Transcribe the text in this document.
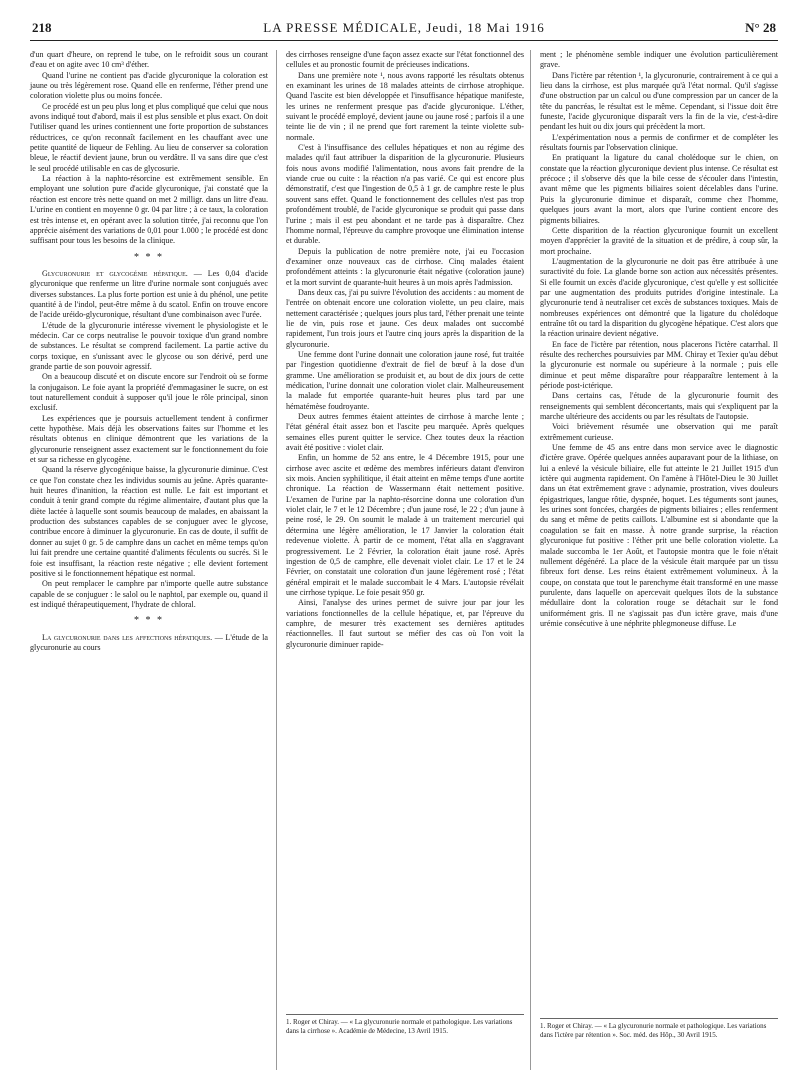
218	LA PRESSE MÉDICALE, Jeudi, 18 Mai 1916	N° 28

d'un quart d'heure, on reprend le tube, on le refroidit sous un courant d'eau et on agite avec 10 cm³ d'éther.

Quand l'urine ne contient pas d'acide glycuronique la coloration est jaune ou très légèrement rose. Quand elle en renferme, l'éther prend une coloration violette plus ou moins foncée.

Ce procédé est un peu plus long et plus compliqué que celui que nous avons indiqué tout d'abord, mais il est plus sensible et plus exact. On doit l'utiliser quand les urines contiennent une forte proportion de substances réductrices, ce qu'on reconnaît facilement en les chauffant avec une petite quantité de liqueur de Fehling. Au lieu de conserver sa coloration bleue, le réactif devient jaune, brun ou verdâtre. Il va sans dire que c'est le seul procédé utilisable en cas de glycosurie.

La réaction à la naphto-résorcine est extrêmement sensible. En employant une solution pure d'acide glycuronique, j'ai constaté que la réaction est encore très nette quand on met 2 milligr. dans un litre d'eau. L'urine en contient en moyenne 0 gr. 04 par litre ; à ce taux, la coloration est très intense et, en opérant avec la solution titrée, j'ai reconnu que l'on apprécie aisément des variations de 0,01 pour 1.000 ; le procédé est donc suffisant pour tous les besoins de la clinique.

* * *

Glycuronurie et glycogénie hépatique. — Les 0,04 d'acide glycuronique que renferme un litre d'urine normale sont conjugués avec diverses substances. La plus forte portion est unie à du phénol, une petite quantité à de l'indol, peut-être même à du scatol. Enfin on trouve encore de l'acide uréido-glycuronique, résultant d'une combinaison avec l'urée.

L'étude de la glycuronurie intéresse vivement le physiologiste et le médecin. Car ce corps neutralise le pouvoir toxique d'un grand nombre de substances. Le résultat se comprend facilement. La partie active du corps toxique, en s'unissant avec le glycose ou son dérivé, perd une grande partie de son pouvoir agressif.

On a beaucoup discuté et on discute encore sur l'endroit où se forme la conjugaison. Le foie ayant la propriété d'emmagasiner le sucre, on est tout naturellement conduit à supposer qu'il joue le rôle principal, sinon exclusif.

Les expériences que je poursuis actuellement tendent à confirmer cette hypothèse. Mais déjà les observations faites sur l'homme et les résultats obtenus en clinique démontrent que les variations de la glycuronurie renseignent assez exactement sur le fonctionnement du foie et sur sa richesse en glycogène.

Quand la réserve glycogénique baisse, la glycuronurie diminue. C'est ce que l'on constate chez les individus soumis au jeûne. Après quarante-huit heures d'inanition, la réaction est nulle. Le fait est important et conduit à tenir grand compte du régime alimentaire, d'autant plus que la diète lactée à laquelle sont soumis beaucoup de malades, en abaissant la production des substances capables de se conjuguer avec le glycose, contribue encore à diminuer la glycuronurie. En cas de doute, il suffit de donner au sujet 0 gr. 5 de camphre dans un cachet en même temps qu'on lui fait prendre une certaine quantité d'aliments féculents ou sucrés. Si le foie est insuffisant, la réaction reste négative ; elle devient fortement positive si le fonctionnement hépatique est normal.

On peut remplacer le camphre par n'importe quelle autre substance capable de se conjuguer : le salol ou le naphtol, par exemple ou, quand il est indiqué thérapeutiquement, l'hydrate de chloral.

* * *

La glycuronurie dans les affections hépatiques. — L'étude de la glycuronurie au cours

des cirrhoses renseigne d'une façon assez exacte sur l'état fonctionnel des cellules et au pronostic fournit de précieuses indications.

Dans une première note ¹, nous avons rapporté les résultats obtenus en examinant les urines de 18 malades atteints de cirrhose atrophique. Quand l'ascite est bien développée et l'insuffisance hépatique manifeste, les urines ne renferment presque pas d'acide glycuronique. L'éther, suivant le procédé employé, devient jaune ou jaune rosé ; parfois il a une teinte lie de vin ; il ne prend que fort rarement la teinte violette sub-normale.

C'est à l'insuffisance des cellules hépatiques et non au régime des malades qu'il faut attribuer la disparition de la glycuronurie. Plusieurs fois nous avons modifié l'alimentation, nous avons fait prendre de la viande crue ou cuite : la réaction n'a pas varié. Ce qui est encore plus démonstratif, c'est que l'ingestion de 0,5 à 1 gr. de camphre reste le plus souvent sans effet. Quand le fonctionnement des cellules n'est pas trop profondément troublé, de l'acide glycuronique se produit qui passe dans l'urine ; mais il est peu abondant et ne tarde pas à disparaître. Chez l'homme normal, l'épreuve du camphre provoque une élimination intense et durable.

Depuis la publication de notre première note, j'ai eu l'occasion d'examiner onze nouveaux cas de cirrhose. Cinq malades étaient profondément atteints : la glycuronurie était négative (coloration jaune) et la mort survint de quarante-huit heures à un mois après l'admission.

Dans deux cas, j'ai pu suivre l'évolution des accidents : au moment de l'entrée on obtenait encore une coloration violette, un peu claire, mais nettement caractérisée ; quelques jours plus tard, l'éther prenait une teinte lie de vin, puis rose et jaune. Ces deux malades ont succombé rapidement, l'un trois jours et l'autre cinq jours après la disparition de la glycuronurie.

Une femme dont l'urine donnait une coloration jaune rosé, fut traitée par l'ingestion quotidienne d'extrait de fiel de bœuf à la dose d'un gramme. Une amélioration se produisit et, au bout de dix jours de cette médication, l'urine donnait une coloration violet clair. Malheureusement la malade fut emportée quarante-huit heures plus tard par une hématémèse foudroyante.

Deux autres femmes étaient atteintes de cirrhose à marche lente ; l'état général était assez bon et l'ascite peu marquée. Après quelques semaines elles purent quitter le service. Chez toutes deux la réaction avait été positive : violet clair.

Enfin, un homme de 52 ans entre, le 4 Décembre 1915, pour une cirrhose avec ascite et œdème des membres inférieurs datant d'environ six mois. Ancien syphilitique, il était atteint en même temps d'une aortite chronique. La réaction de Wassermann était nettement positive. L'examen de l'urine par la naphto-résorcine donna une coloration d'un violet clair, le 7 et le 12 Décembre ; d'un jaune rosé, le 22 ; d'un jaune à peine rosé, le 29. On soumit le malade à un traitement mercuriel qui détermina une légère amélioration, le 17 Janvier la coloration était redevenue violette. À partir de ce moment, l'état alla en s'aggravant progressivement. Le 2 Février, la coloration était jaune rosé. Après ingestion de 0,5 de camphre, elle devenait violet clair. Le 17 et le 24 Février, on constatait une coloration d'un jaune légèrement rosé ; l'état général empirait et le malade succombait le 4 Mars. L'autopsie révélait une cirrhose typique. Le foie pesait 950 gr.

Ainsi, l'analyse des urines permet de suivre jour par jour les variations fonctionnelles de la cellule hépatique, et, par l'épreuve du camphre, de mesurer très exactement ses dernières aptitudes réactionnelles. Il faut surtout se méfier des cas où l'on voit la glycuronurie diminuer rapide-

1. Roger et Chiray. — « La glycuronurie normale et pathologique. Les variations dans la cirrhose ». Académie de Médecine, 13 Avril 1915.

ment ; le phénomène semble indiquer une évolution particulièrement grave.

Dans l'ictère par rétention ¹, la glycuronurie, contrairement à ce qui a lieu dans la cirrhose, est plus marquée qu'à l'état normal. Qu'il s'agisse d'une obstruction par un calcul ou d'une compression par un cancer de la tête du pancréas, le résultat est le même. Cependant, si l'issue doit être funeste, l'acide glycuronique disparaît vers la fin de la vie, c'est-à-dire pendant les huit ou dix jours qui précèdent la mort.

L'expérimentation nous a permis de confirmer et de compléter les résultats fournis par l'observation clinique.

En pratiquant la ligature du canal cholédoque sur le chien, on constate que la réaction glycuronique devient plus intense. Ce résultat est précoce ; il s'observe dès que la bile cesse de s'écouler dans l'intestin, avant même que les pigments biliaires soient décelables dans l'urine. Puis la glycuronurie diminue et disparaît, comme chez l'homme, quelques jours avant la mort, alors que l'urine contient encore des pigments biliaires.

Cette disparition de la réaction glycuronique fournit un excellent moyen d'apprécier la gravité de la situation et de prédire, à coup sûr, la mort prochaine.

L'augmentation de la glycuronurie ne doit pas être attribuée à une suractivité du foie. La glande borne son action aux nécessités présentes. Si elle fournit un excès d'acide glycuronique, c'est qu'elle y est sollicitée par une augmentation des produits putrides d'origine intestinale. La glycuronurie tend à neutraliser cet excès de substances toxiques. Mais de nombreuses expériences ont démontré que la ligature du cholédoque entraîne tôt ou tard la disparition du glycogène hépatique. C'est alors que la réaction urinaire devient négative.

En face de l'ictère par rétention, nous placerons l'ictère catarrhal. Il résulte des recherches poursuivies par MM. Chiray et Texier qu'au début la glycuronurie est normale ou supérieure à la normale ; puis elle diminue et peut même disparaître pour réapparaître lentement à la période post-ictérique.

Dans certains cas, l'étude de la glycuronurie fournit des renseignements qui semblent déconcertants, mais qui s'expliquent par la marche ultérieure des accidents ou par les résultats de l'autopsie.

Voici brièvement résumée une observation qui me paraît extrêmement curieuse.

Une femme de 45 ans entre dans mon service avec le diagnostic d'ictère grave. Opérée quelques années auparavant pour de la lithiase, on lui a enlevé la vésicule biliaire, elle fut atteinte le 21 Juillet 1915 d'un ictère qui augmenta rapidement. On l'amène à l'Hôtel-Dieu le 30 Juillet dans un état extrêmement grave : adynamie, prostration, vives douleurs épigastriques, langue rôtie, dyspnée, hoquet. Les téguments sont jaunes, les urines sont foncées, chargées de pigments biliaires ; elles renferment du sang et même de petits caillots. L'albumine est si abondante que la coagulation se fait en masse. À notre grande surprise, la réaction glycuronique fut positive : l'éther prit une belle coloration violette. La malade succomba le 1er Août, et l'autopsie montra que le foie n'était nullement dégénéré. La place de la vésicule était marquée par un tissu fibreux fort dense. Les reins étaient extrêmement volumineux. À la coupe, on constata que tout le parenchyme était transformé en une masse purulente, dans laquelle on apercevait quelques îlots de la substance médullaire dont la coloration rouge se détachait sur le fond uniformément gris. Il ne s'agissait pas d'un ictère grave, mais d'une urémie consécutive à une néphrite phlegmoneuse diffuse. Le

1. Roger et Chiray. — « La glycuronurie normale et pathologique. Les variations dans l'ictère par rétention ». Soc. méd. des Hôp., 30 Avril 1915.
